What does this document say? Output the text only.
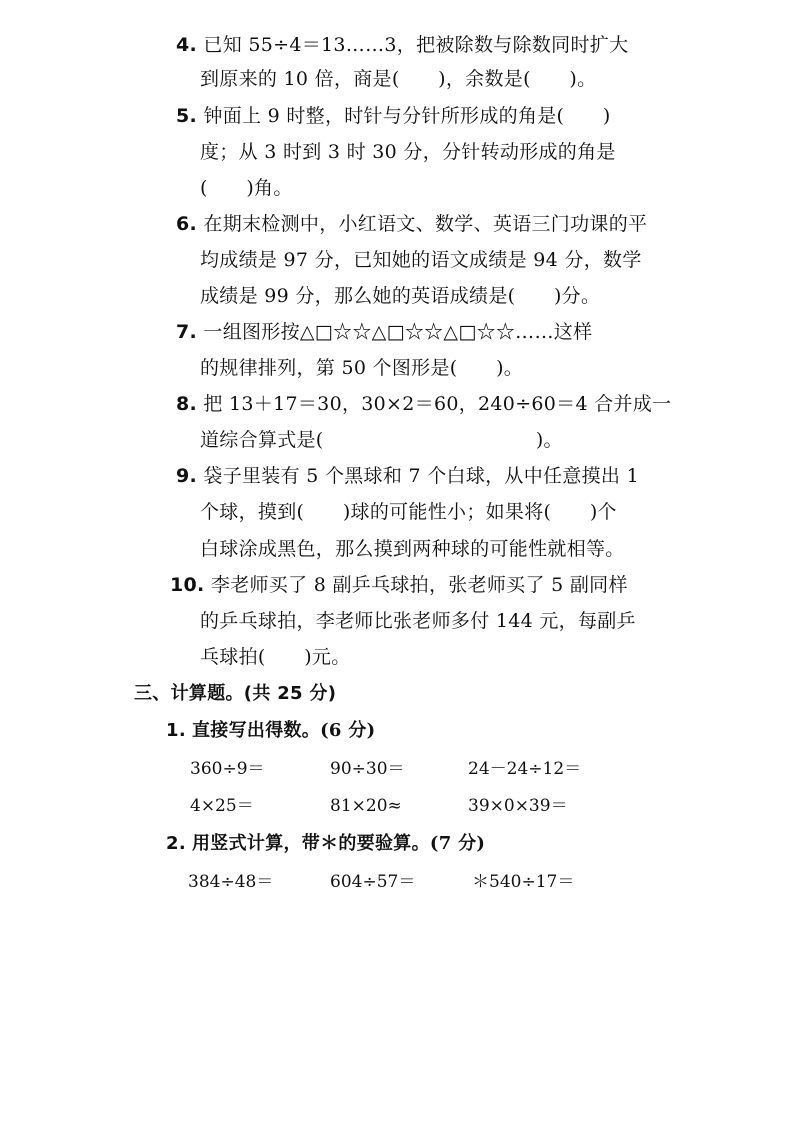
4. 已知 55÷4＝13……3，把被除数与除数同时扩大
到原来的 10 倍，商是(　　)，余数是(　　)。
5. 钟面上 9 时整，时针与分针所形成的角是(　　)
度；从 3 时到 3 时 30 分，分针转动形成的角是
(　　)角。
6. 在期末检测中，小红语文、数学、英语三门功课的平
均成绩是 97 分，已知她的语文成绩是 94 分，数学
成绩是 99 分，那么她的英语成绩是(　　)分。
7. 一组图形按△□☆☆△□☆☆△□☆☆……这样
的规律排列，第 50 个图形是(　　)。
8. 把 13＋17＝30，30×2＝60，240÷60＝4 合并成一
道综合算式是(　　　　　　　　　　　)。
9. 袋子里装有 5 个黑球和 7 个白球，从中任意摸出 1
个球，摸到(　　)球的可能性小；如果将(　　)个
白球涂成黑色，那么摸到两种球的可能性就相等。
10. 李老师买了 8 副乒乓球拍，张老师买了 5 副同样
的乒乓球拍，李老师比张老师多付 144 元，每副乒
乓球拍(　　)元。
三、计算题。(共 25 分)
1. 直接写出得数。(6 分)
360÷9＝	90÷30＝	24－24÷12＝
4×25＝	81×20≈	39×0×39＝
2. 用竖式计算，带＊的要验算。(7 分)
384÷48＝	604÷57＝	＊540÷17＝
